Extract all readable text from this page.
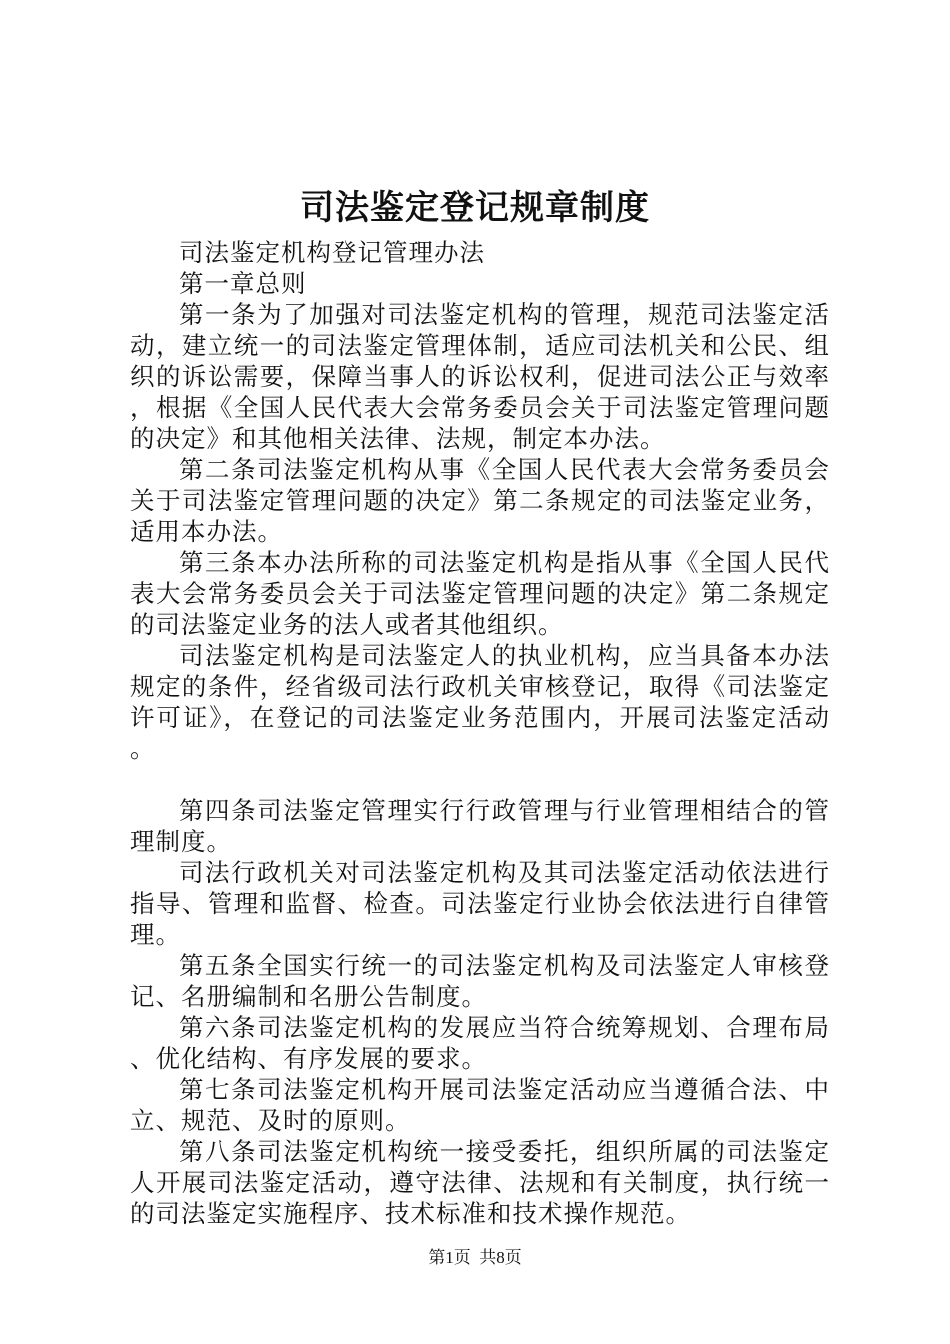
司法鉴定登记规章制度

司法鉴定机构登记管理办法

第一章总则

第一条为了加强对司法鉴定机构的管理，规范司法鉴定活动，建立统一的司法鉴定管理体制，适应司法机关和公民、组织的诉讼需要，保障当事人的诉讼权利，促进司法公正与效率，根据《全国人民代表大会常务委员会关于司法鉴定管理问题的决定》和其他相关法律、法规，制定本办法。

第二条司法鉴定机构从事《全国人民代表大会常务委员会关于司法鉴定管理问题的决定》第二条规定的司法鉴定业务，适用本办法。

第三条本办法所称的司法鉴定机构是指从事《全国人民代表大会常务委员会关于司法鉴定管理问题的决定》第二条规定的司法鉴定业务的法人或者其他组织。

司法鉴定机构是司法鉴定人的执业机构，应当具备本办法规定的条件，经省级司法行政机关审核登记，取得《司法鉴定许可证》，在登记的司法鉴定业务范围内，开展司法鉴定活动。

第四条司法鉴定管理实行行政管理与行业管理相结合的管理制度。

司法行政机关对司法鉴定机构及其司法鉴定活动依法进行指导、管理和监督、检查。司法鉴定行业协会依法进行自律管理。

第五条全国实行统一的司法鉴定机构及司法鉴定人审核登记、名册编制和名册公告制度。

第六条司法鉴定机构的发展应当符合统筹规划、合理布局、优化结构、有序发展的要求。

第七条司法鉴定机构开展司法鉴定活动应当遵循合法、中立、规范、及时的原则。

第八条司法鉴定机构统一接受委托，组织所属的司法鉴定人开展司法鉴定活动，遵守法律、法规和有关制度，执行统一的司法鉴定实施程序、技术标准和技术操作规范。

第1页  共8页
